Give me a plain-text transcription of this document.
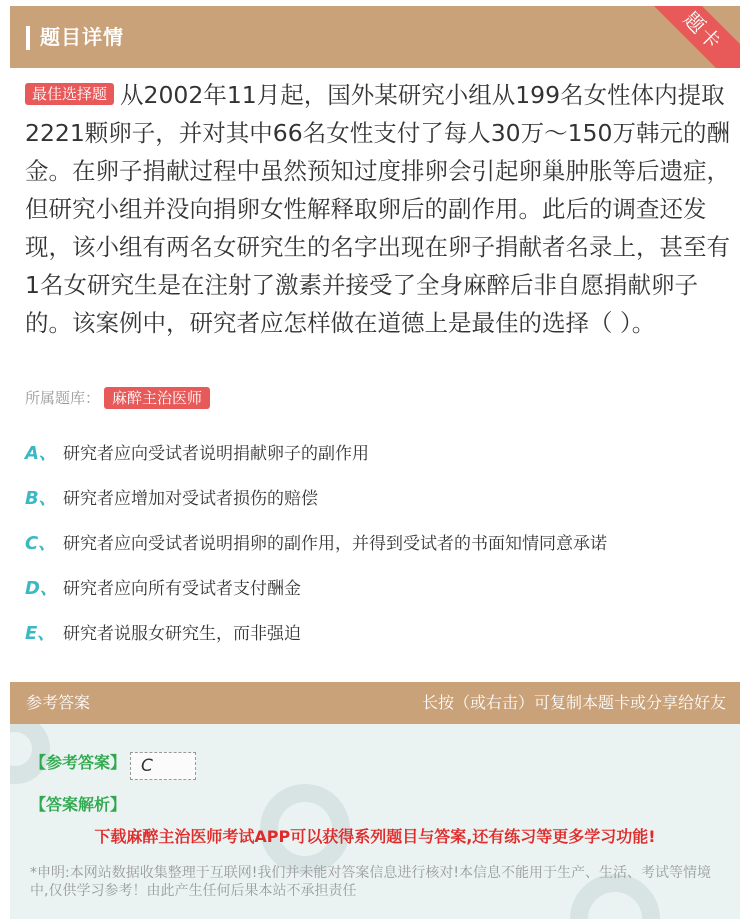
题目详情	题卡
最佳选择题 从2002年11月起，国外某研究小组从199名女性体内提取2221颗卵子，并对其中66名女性支付了每人30万～150万韩元的酬金。在卵子捐献过程中虽然预知过度排卵会引起卵巢肿胀等后遗症，但研究小组并没向捐卵女性解释取卵后的副作用。此后的调查还发现，该小组有两名女研究生的名字出现在卵子捐献者名录上，甚至有1名女研究生是在注射了激素并接受了全身麻醉后非自愿捐献卵子的。该案例中，研究者应怎样做在道德上是最佳的选择（ ）。
所属题库： 麻醉主治医师
A、 研究者应向受试者说明捐献卵子的副作用
B、 研究者应增加对受试者损伤的赔偿
C、 研究者应向受试者说明捐卵的副作用，并得到受试者的书面知情同意承诺
D、 研究者应向所有受试者支付酬金
E、 研究者说服女研究生，而非强迫
参考答案	长按（或右击）可复制本题卡或分享给好友
【参考答案】 C
【答案解析】
下载麻醉主治医师考试APP可以获得系列题目与答案,还有练习等更多学习功能!
*申明:本网站数据收集整理于互联网!我们并未能对答案信息进行核对!本信息不能用于生产、生活、考试等情境中,仅供学习参考！由此产生任何后果本站不承担责任
